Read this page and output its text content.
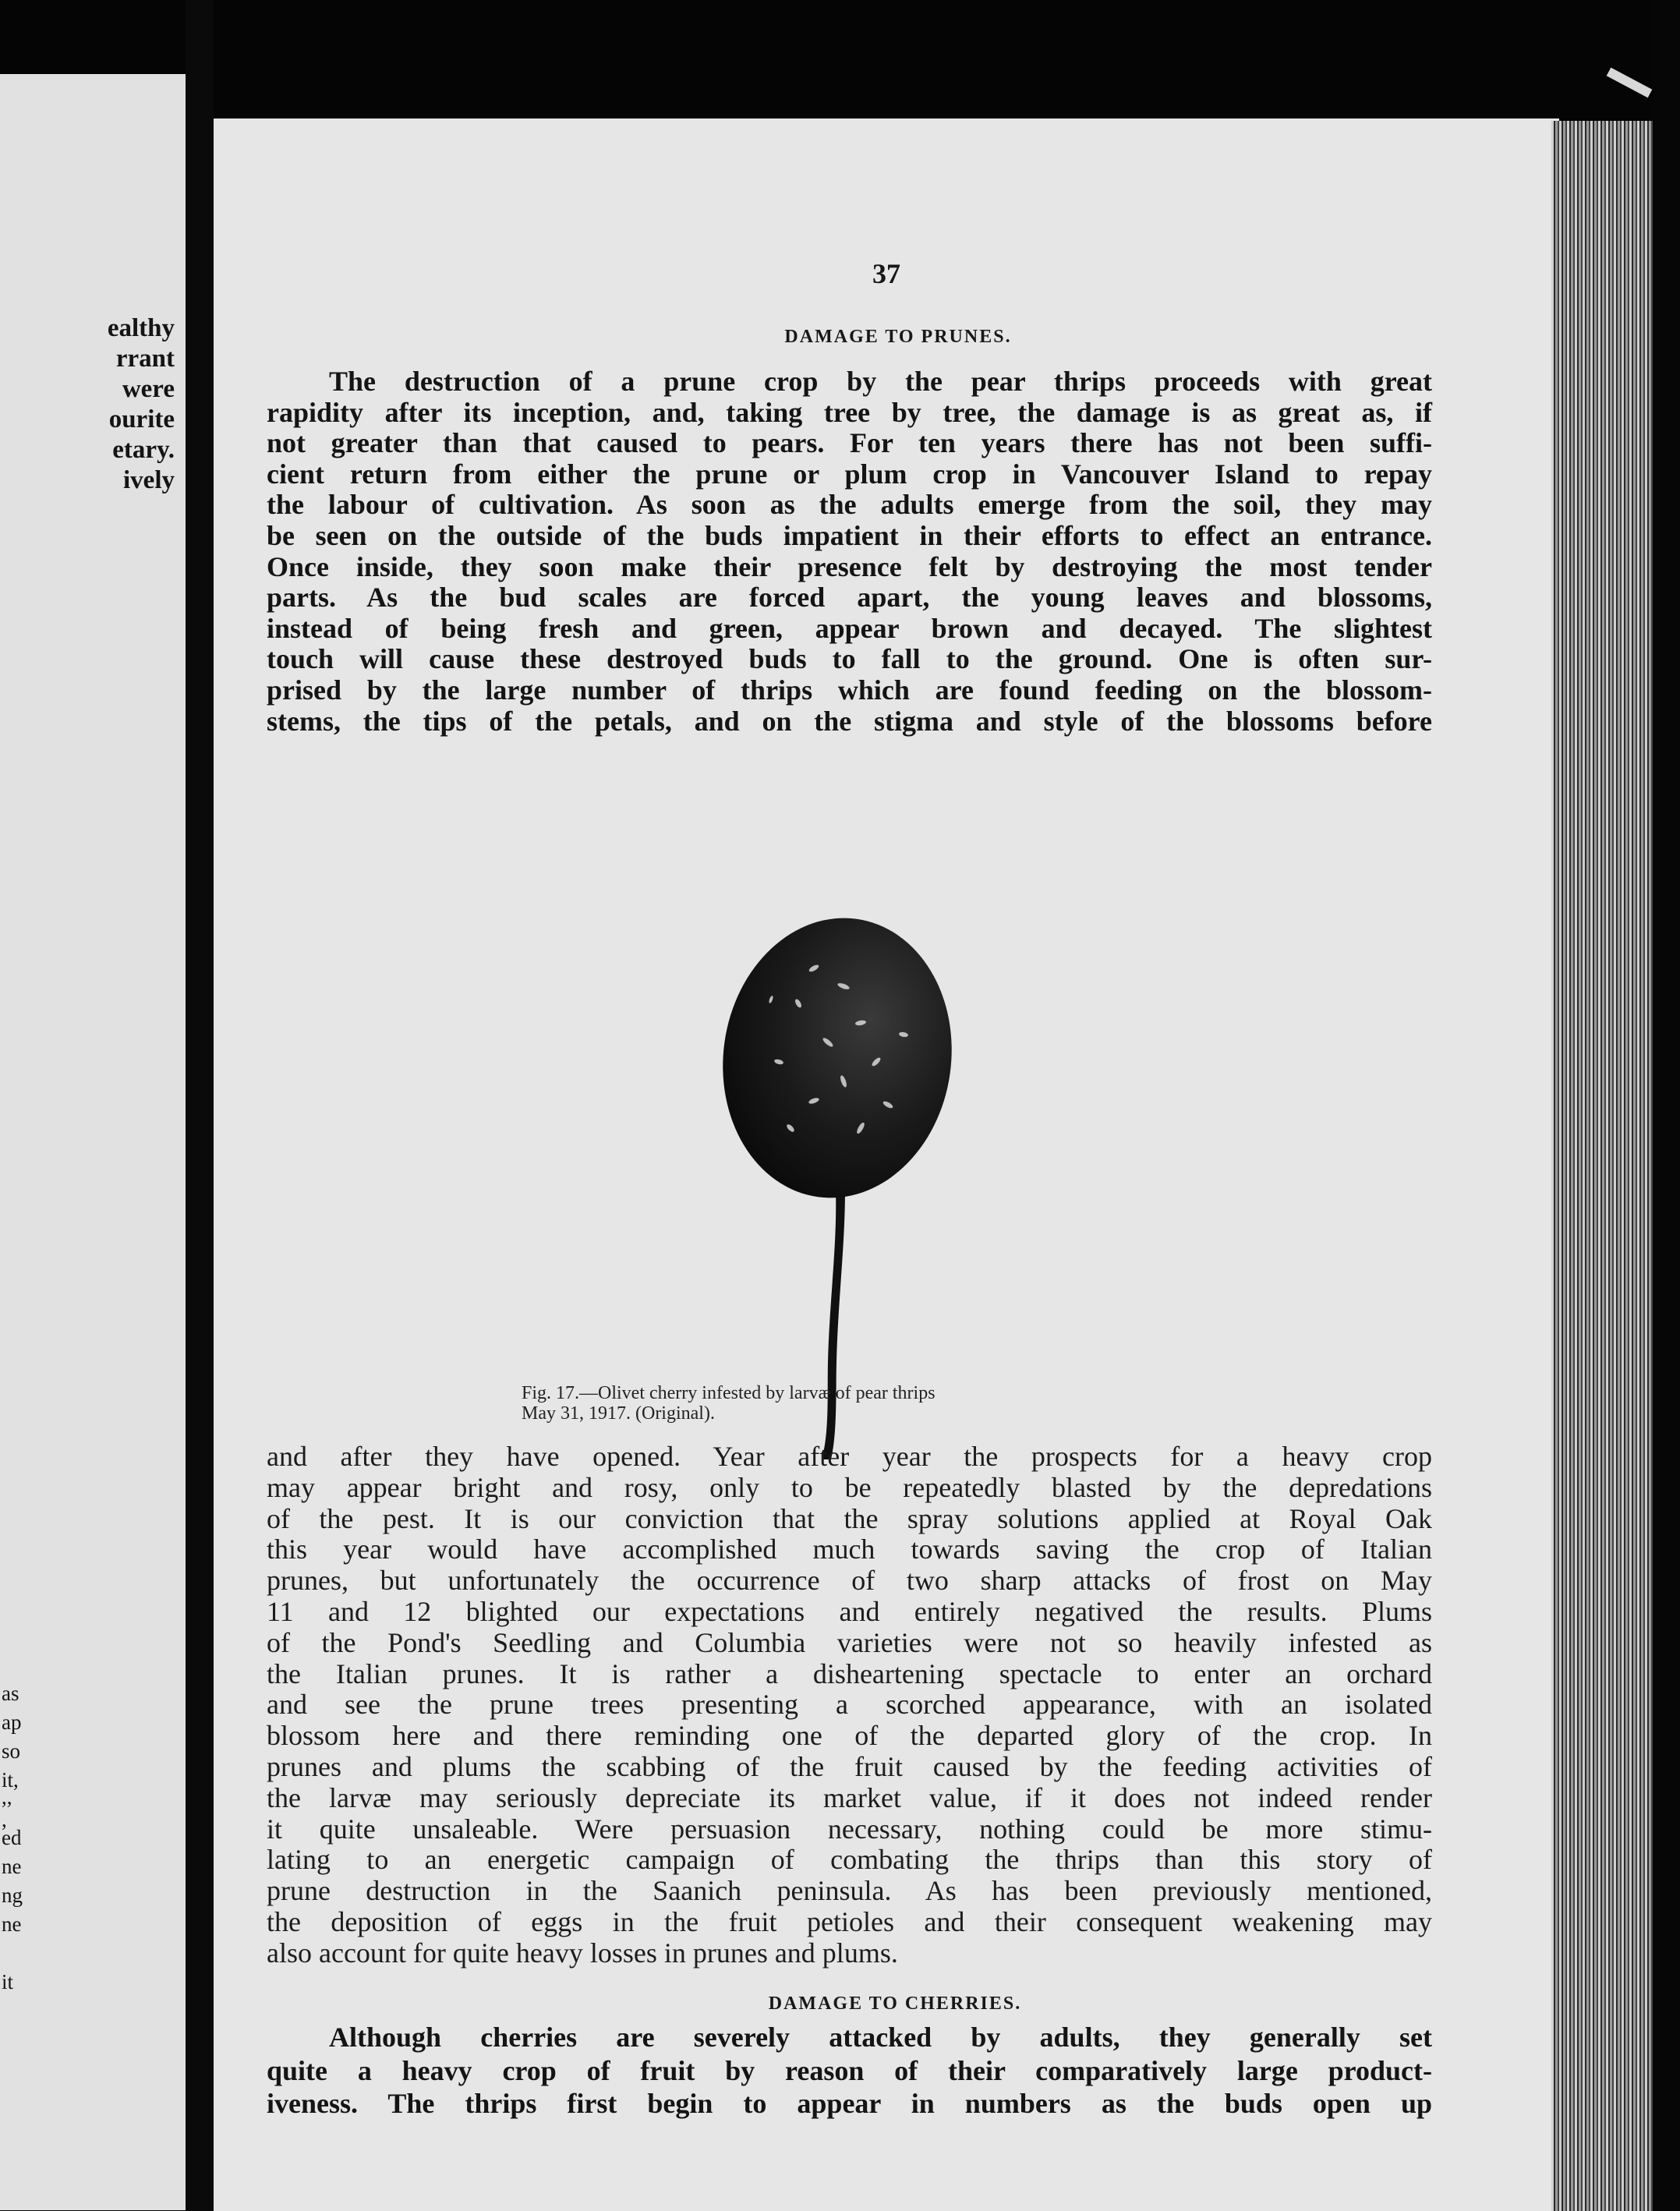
ealthy
rrant
were
ourite
etary.
ively
as
ap
so
it,
,,
,
ed
ne
ng
ne
it
37
DAMAGE TO PRUNES.
The destruction of a prune crop by the pear thrips proceeds with great
rapidity after its inception, and, taking tree by tree, the damage is as great as, if
not greater than that caused to pears. For ten years there has not been suffi-
cient return from either the prune or plum crop in Vancouver Island to repay
the labour of cultivation. As soon as the adults emerge from the soil, they may
be seen on the outside of the buds impatient in their efforts to effect an entrance.
Once inside, they soon make their presence felt by destroying the most tender
parts. As the bud scales are forced apart, the young leaves and blossoms,
instead of being fresh and green, appear brown and decayed. The slightest
touch will cause these destroyed buds to fall to the ground. One is often sur-
prised by the large number of thrips which are found feeding on the blossom-
stems, the tips of the petals, and on the stigma and style of the blossoms before
Fig. 17.—Olivet cherry infested by larvæ of pear thrips
May 31, 1917. (Original).
and after they have opened. Year after year the prospects for a heavy crop
may appear bright and rosy, only to be repeatedly blasted by the depredations
of the pest. It is our conviction that the spray solutions applied at Royal Oak
this year would have accomplished much towards saving the crop of Italian
prunes, but unfortunately the occurrence of two sharp attacks of frost on May
11 and 12 blighted our expectations and entirely negatived the results. Plums
of the Pond's Seedling and Columbia varieties were not so heavily infested as
the Italian prunes. It is rather a disheartening spectacle to enter an orchard
and see the prune trees presenting a scorched appearance, with an isolated
blossom here and there reminding one of the departed glory of the crop. In
prunes and plums the scabbing of the fruit caused by the feeding activities of
the larvæ may seriously depreciate its market value, if it does not indeed render
it quite unsaleable. Were persuasion necessary, nothing could be more stimu-
lating to an energetic campaign of combating the thrips than this story of
prune destruction in the Saanich peninsula. As has been previously mentioned,
the deposition of eggs in the fruit petioles and their consequent weakening may
also account for quite heavy losses in prunes and plums.
DAMAGE TO CHERRIES.
Although cherries are severely attacked by adults, they generally set
quite a heavy crop of fruit by reason of their comparatively large product-
iveness. The thrips first begin to appear in numbers as the buds open up
